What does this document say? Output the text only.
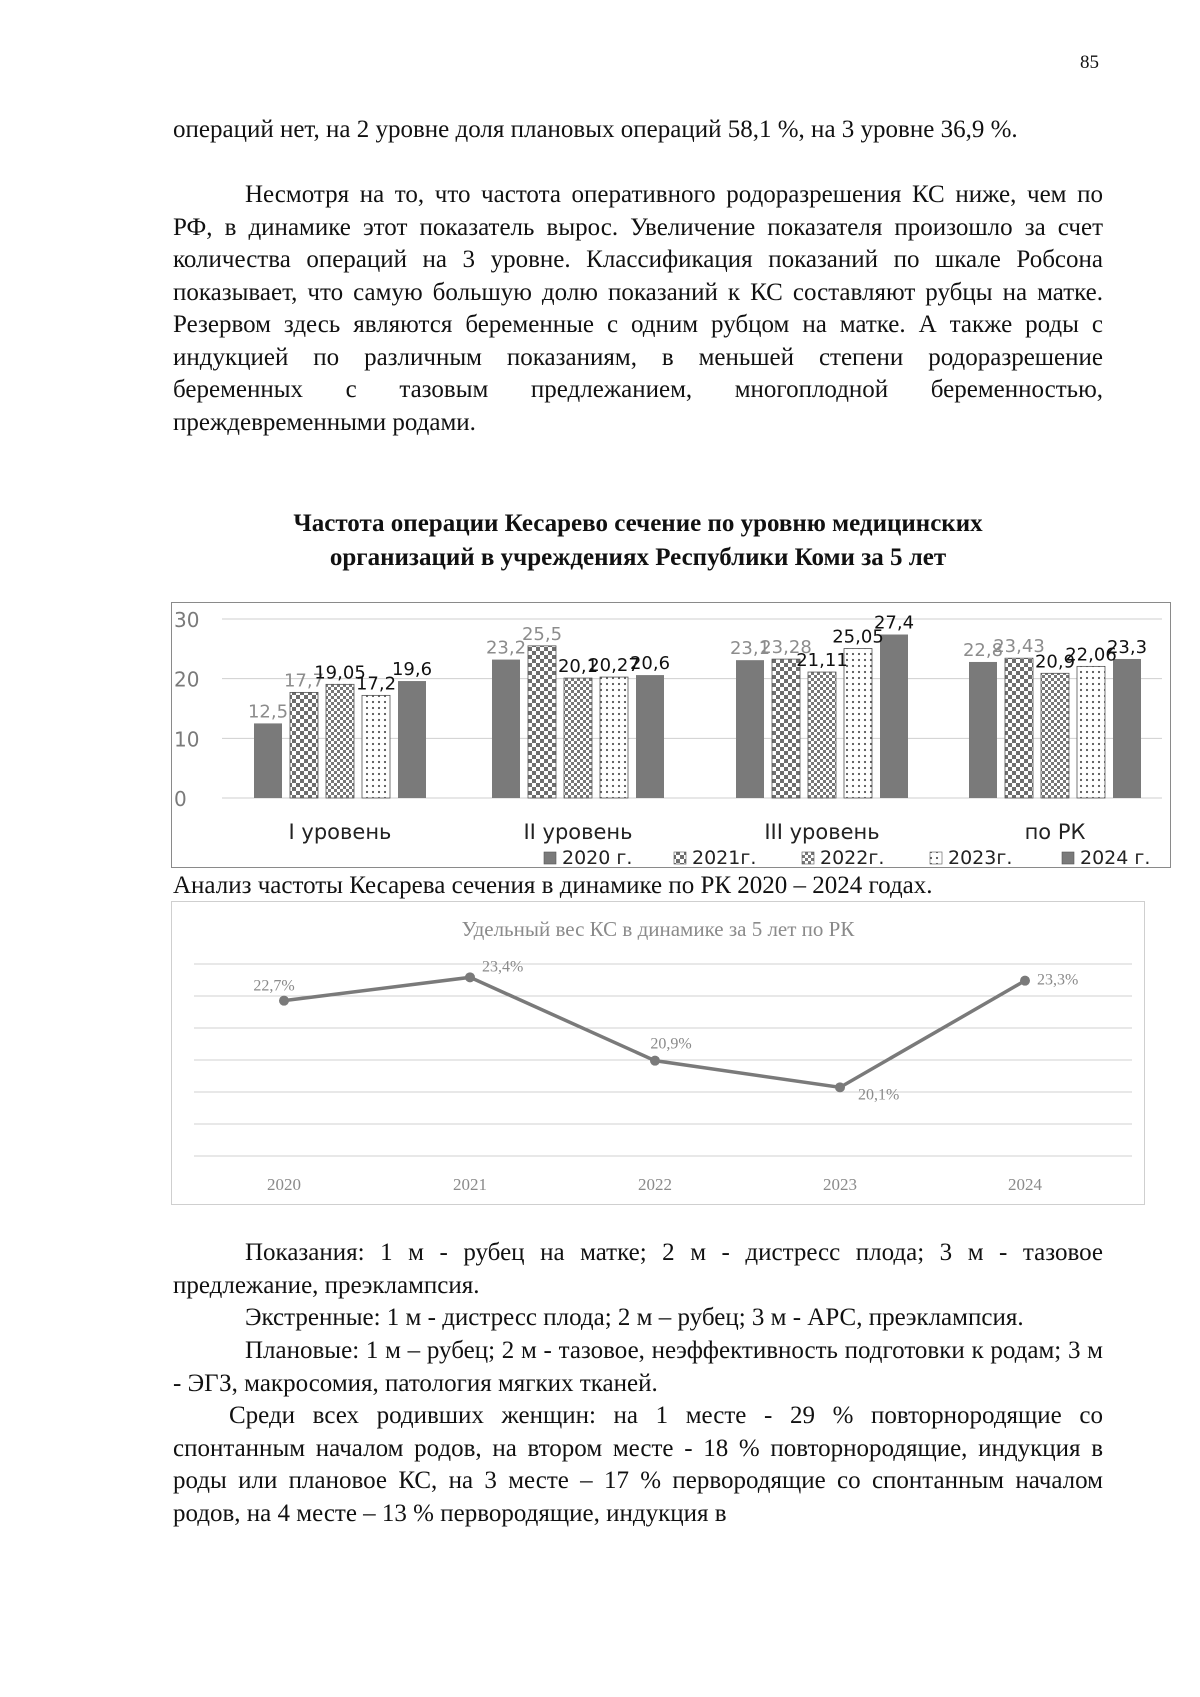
85

операций нет, на 2 уровне доля плановых операций 58,1 %, на 3 уровне 36,9 %.

Несмотря на то, что частота оперативного родоразрешения КС ниже, чем по РФ, в динамике этот показатель вырос. Увеличение показателя произошло за счет количества операций на 3 уровне. Классификация показаний по шкале Робсона показывает, что самую большую долю показаний к КС составляют рубцы на матке. Резервом здесь являются беременные с одним рубцом на матке. А также роды с индукцией по различным показаниям, в меньшей степени родоразрешение беременных с тазовым предлежанием, многоплодной беременностью, преждевременными родами.

Частота операции Кесарево сечение по уровню медицинских
организаций в учреждениях Республики Коми за 5 лет
0
10
20
30
12,5
17,7
19,05
17,2
19,6
23,2
25,5
20,1
20,27
20,6
23,1
23,28
21,11
25,05
27,4
22,8
23,43
20,9
22,06
23,3
I уровень	II уровень	III уровень	по РК
2020 г.	2021г.	2022г.	2023г.	2024 г.
Анализ частоты Кесарева сечения в динамике по РК 2020 – 2024 годах.
Удельный вес КС в динамике за 5 лет по РК
2020	2021	2022	2023	2024
22,7%
23,4%
20,9%
20,1%
23,3%

Показания: 1 м - рубец на матке; 2 м - дистресс плода; 3 м - тазовое предлежание, преэклампсия.

Экстренные: 1 м - дистресс плода; 2 м – рубец; 3 м - АРС, преэклампсия.

Плановые: 1 м – рубец; 2 м - тазовое, неэффективность подготовки к родам; 3 м - ЭГЗ, макросомия, патология мягких тканей.

Среди всех родивших женщин: на 1 месте - 29 % повторнородящие со спонтанным началом родов, на втором месте - 18 % повторнородящие, индукция в роды или плановое КС, на 3 месте – 17 % первородящие со спонтанным началом родов, на 4 месте – 13 % первородящие, индукция в
